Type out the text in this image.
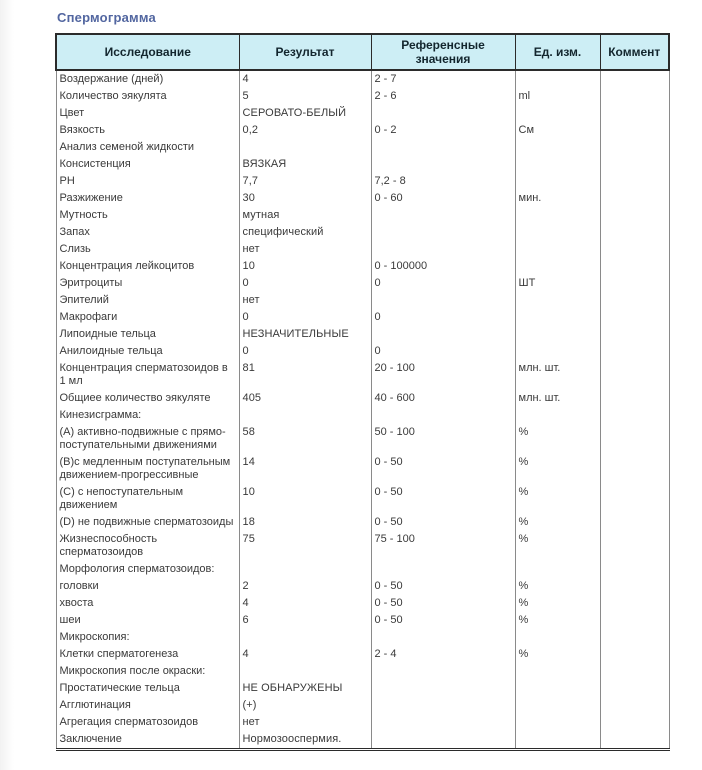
Спермограмма
Исследование	Результат	Референсные значения	Ед. изм.	Коммент
Воздержание (дней)	4	2 - 7		
Количество эякулята	5	2 - 6	ml	
Цвет	СЕРОВАТО-БЕЛЫЙ			
Вязкость	0,2	0 - 2	См	
Анализ семеной жидкости				
Консистенция	ВЯЗКАЯ			
PH	7,7	7,2 - 8		
Разжижение	30	0 - 60	мин.	
Мутность	мутная			
Запах	специфический			
Слизь	нет			
Концентрация лейкоцитов	10	0 - 100000		
Эритроциты	0	0	ШТ	
Эпителий	нет			
Макрофаги	0	0		
Липоидные тельца	НЕЗНАЧИТЕЛЬНЫЕ			
Анилоидные тельца	0	0		
Концентрация сперматозоидов в 1 мл	81	20 - 100	млн. шт.	
Общиее количество эякуляте	405	40 - 600	млн. шт.	
Кинезисграмма:				
(A) активно-подвижные с прямо-поступательными движениями	58	50 - 100	%	
(B)с медленным поступательным движением-прогрессивные	14	0 - 50	%	
(C) с непоступательным движением	10	0 - 50	%	
(D) не подвижные сперматозоиды	18	0 - 50	%	
Жизнеспособность сперматозоидов	75	75 - 100	%	
Морфология сперматозоидов:				
головки	2	0 - 50	%	
хвоста	4	0 - 50	%	
шеи	6	0 - 50	%	
Микроскопия:				
Клетки сперматогенеза	4	2 - 4	%	
Микроскопия после окраски:				
Простатические тельца	НЕ ОБНАРУЖЕНЫ			
Агглютинация	(+)			
Агрегация сперматозоидов	нет			
Заключение	Нормозооспермия.			
